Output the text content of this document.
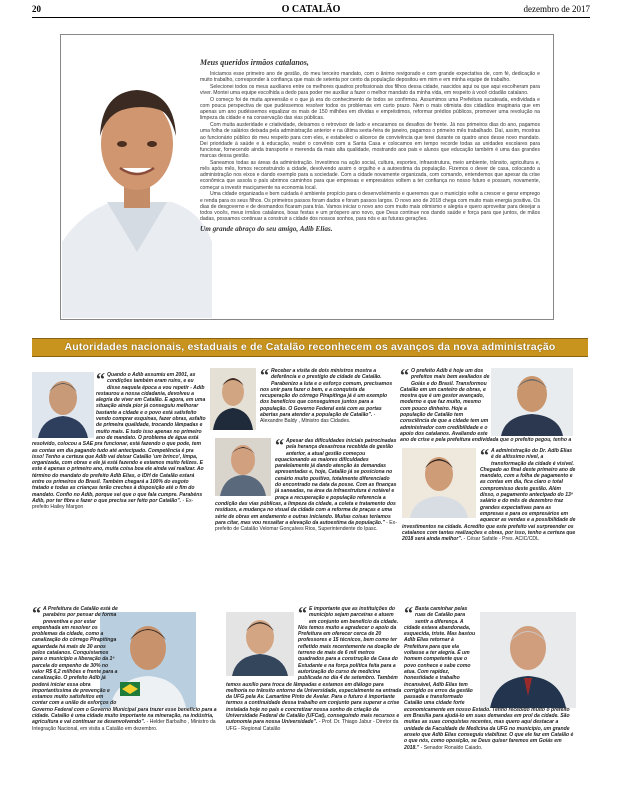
20	O CATALÃO	dezembro de 2017
Meus queridos irmãos catalanos,

Iniciamos esse primeiro ano de gestão, do meu terceiro mandato, com o ânimo revigorado e com grande expectativa de, com fé, dedicação e muito trabalho, corresponder à confiança que mais de setenta por cento da população depositou em mim e em minha equipe de trabalho.

Selecionei todos os meus auxiliares entre os melhores quadros profissionais dos filhos dessa cidade, nascidos aqui ou que aqui escolheram para viver. Montei uma equipe escolhida a dedo para poder me auxiliar a fazer o melhor mandato da minha vida, em respeito à você cidadão catalano.

O começo foi de muita apreensão e o que já era do conhecimento de todos se confirmou. Assumimos uma Prefeitura sucateada, endividada e com pouca perspectiva de que pudéssemos resolver todos os problemas em curto prazo. Nem o mais otimista dos cidadãos imaginaria que em apenas um ano pudéssemos equalizar os mais de 150 milhões em dívidas e empréstimos, reformar prédios públicos, promover uma revolução na limpeza da cidade e na conservação das vias públicas.

Com muita austeridade e criatividade, deixamos o retrovisor de lado e encaramos os desafios de frente. Já nos primeiros dias do ano, pagamos uma folha de salários deixada pela administração anterior e na última sexta-feira de janeiro, pagamos o primeiro mês trabalhado. Daí, assim, mostras ao funcionário público do meu respeito para com eles, e estabeleci o alicerce de convivência que terei durante os quatro anos desse novo mandato. Dei prioridade à saúde e à educação, reabri o convênio com a Santa Casa e colocamos em tempo recorde todas as unidades escolares para funcionar, fornecendo ainda transporte e merenda da mais alta qualidade, mostrando aos pais e alunos que educação também é uma das grandes marcas dessa gestão.

Saneamos todas as áreas da administração. Investimos na ação social, cultura, esportes, infraestrutura, meio ambiente, trânsito, agricultura e, mês após mês, fomos reconstruindo a cidade, devolvendo assim o orgulho e a autoestima da população. Fizemos o dever de casa, colocando a administração nos eixos e dando exemplo para a sociedade. Com a cidade novamente organizada, com comando, entendemos que apesar da crise econômica que assola o país abrimos caminhos para que empresas e empresários voltem a ter confiança no nosso futuro e possam, novamente, começar a investir maciçamente na economia local.

Uma cidade organizada e bem cuidada é ambiente propício para o desenvolvimento e queremos que o município volte a crescer e gerar emprego e renda para os seus filhos. Os primeiros passos foram dados e foram passos largos. O novo ano de 2018 chega com muito mais energia positiva. Os dias de desgoverno e de desmandos ficaram para trás. Vamos iniciar o novo ano com muito mais otimismo e alegria e quero aproveitar para desejar a todos vocês, meus irmãos catalanos, boas festas e um próspero ano novo, que Deus continue nos dando saúde e força para que juntos, de mãos dadas, possamos continuar a construir a cidade dos nossos sonhos, para nós e as futuras gerações.

Um grande abraço do seu amigo, Adib Elias.
Autoridades nacionais, estaduais e de Catalão reconhecem os avanços da nova administração
“ Quando o Adib assumiu em 2001, as condições também eram ruins, e eu disse naquela época a vou repetir - Adib restaurou a nossa cidadania, devolveu a alegria de viver em Catalão. E agora, em uma situação ainda pior já conseguiu melhorar bastante a cidade e o povo está satisfeito vendo comprar esquinas, fazer obras, asfalto de primeira qualidade, trocando lâmpadas e muito mais. E tudo isso apenas no primeiro ano de mandato. O problema de água está resolvido, colocou a SAE pra funcionar, está fazendo o que pode, tem as contas em dia pagando tudo até antecipado. Competência é pra isso! Tenho a certeza que Adib vai deixar Catalão 'um brinco', limpa, organizada, com obras e ele já está fazendo e estamos muito felizes. E este é apenas o primeiro ano, muita coisa boa ele ainda vai realizar. Ao término do mandato do prefeito Adib Elias, o IDH de Catalão estará entre os primeiros do Brasil. Também chegará a 100% do esgoto tratado e todas as crianças terão creches à disposição até o fim do mandato. Confio no Adib, porque sei que o que fala cumpre. Parabéns Adib, por ter fibra e fazer o que precisa ser feito por Catalão". - Ex-prefeito Hailey Margon
“ Receber a visita de dois ministros mostra a deferência e o prestígio de cidade de Catalão. Parabenizo a luta e o esforço comum, precisamos nos unir para fazer o bem, e a conquista da recuperação do córrego Pirapitinga já é um exemplo dos benefícios que conseguimos juntos para a população. O Governo Federal está com as portas abertas para atender a população de Catalão". - Alexandre Baldy , Ministro das Cidades.
“ O prefeito Adib é hoje um dos prefeitos mais bem avaliados de Goiás e do Brasil. Transformou Catalão em um canteiro de obras, e mostra que é um gestor avançado, moderno e que faz muito, mesmo com pouco dinheiro. Hoje a população de Catalão tem consciência de que a cidade tem um administrador com credibilidade e o apoio dos catalanos. Avaliando este ano de crise e pela prefeitura endividada que o prefeito pegou, tenho a
“ Apesar das dificuldades iniciais patrocinadas pela herança desastrosa recebida de gestão anterior, a atual gestão começou equacionando as maiores dificuldades paralelamente já dando atenção às demandas apresentadas e, hoje, Catalão já se posiciona no cenário muito positivo, totalmente diferenciado do encontrado na data da posse. Com as finanças já saneadas, na área da infraestrutura é notável e praça a recuperação e população referencia a condição das vias públicas, a limpeza da cidade, a coleta e tratamento dos resíduos, a mudança no visual da cidade com a reforma de praças e uma série de obras em andamento e outras iniciando. Muitas coisas teríamos para citar, mas vou ressaltar a elevação da autoestima da população." - Ex-prefeito de Catalão Velomar Gonçalves Rios, Superintendente do Ipasc.
“ A administração do Dr. Adib Elias é de altíssimo nível, a transformação da cidade é visível. Chegado ao final deste primeiro ano de mandato, com a folha de pagamento e as contas em dia, fica claro o total compromisso deste gestão. Além disso, o pagamento antecipado do 13º salário e do mês de dezembro traz grandes expectativas para as empresas e para os empresários em aquecer as vendas e a possibilidade de investimentos na cidade. Acredito que este prefeito vai surpreender os catalanos com tantas realizações e obras, por isso, tenho a certeza que 2018 será ainda melhor". - César Safatle - Pres. ACIC/CDL
“ A Prefeitura de Catalão está de parabéns por pensar de forma preventiva e por estar empenhada em resolver os problemas da cidade, como a canalização do córrego Pirapitinga aguardada há mais de 30 anos pelos catalanos. Conquistamos para o município a liberação da 1ª parcela do empenho de 30% no valor R$ 6,2 milhões e frente para a canalização. O prefeito Adib já poderá iniciar essa obra importantíssima de prevenção e estamos muito satisfeitos em contar com a união de esforços do Governo Federal com o Governo Municipal para trazer esse benefício para a cidade. Catalão é uma cidade muito importante na mineração, na indústria, agricultura e vai continuar se desenvolvendo". - Helder Barbalho , Ministro da Integração Nacional, em visita a Catalão em dezembro.
“ É importante que as instituições do município sejam parceiras e atuem em conjunto em benefício da cidade. Nós temos muito a agradecer o apoio da Prefeitura em oferecer cerca de 20 professores e 15 técnicos, bem como ter refletido mais recentemente na doação de terreno de mais de 6 mil metros quadrados para a construção da Casa do Estudante e na força política feita para a autorização do curso de medicina publicada no dia 4 de setembro. Também temos auxílio para troca de lâmpadas e estamos em diálogo para melhoria no trânsito entorno da Universidade, especialmente na entrada da UFG pela Av. Lamartine Pinto de Avelar. Para o futuro é importante termos a continuidade dessa trabalho em conjunto para superar a crise instalada hoje no país e concretizar nossa sonho de criação da Universidade Federal de Catalão (UFCat), conseguindo mais recursos e autonomia para nossa Universidade". - Prof. Dr. Thiago Jabur - Diretor da UFG - Regional Catalão
“ Basta caminhar pelas ruas de Catalão para sentir a diferença. A cidade estava abandonada, esquecida, triste. Mas bastou Adib Elias retornar à Prefeitura para que ela voltasse a ter alegria. É um homem competente que o povo conhece e sabe como atua. Com rapidez, honestidade e trabalho incansável, Adib Elias tem corrigido os erros da gestão passada e transformado Catalão uma cidade forte economicamente em nosso Estado. Tenho recebido muito o prefeito em Brasília para ajudá-lo em suas demandas em prol da cidade. São muitas as suas conquistas recentes, mas quero aqui destacar a unidade da Faculdade de Medicina da UFG no município, um grande anseio que Adib Elias conseguiu viabilizar. O que ele faz em Catalão é o que nós, como oposição, se Deus quiser faremos em Goiás em 2018." - Senador Ronaldo Caiado.
